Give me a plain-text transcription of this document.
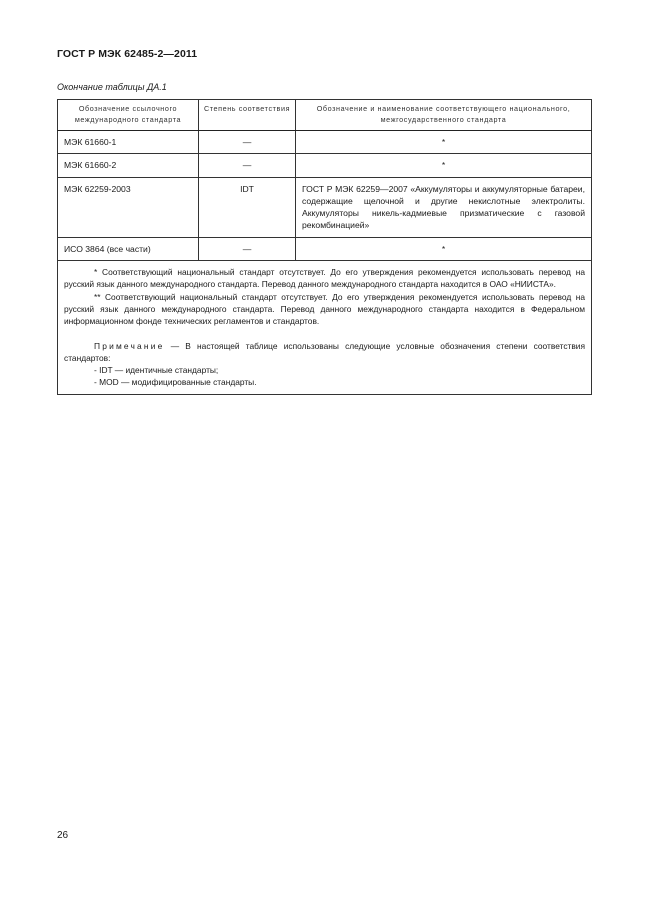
ГОСТ Р МЭК 62485-2—2011
Окончание таблицы ДА.1
Обозначение ссылочного международного стандарта	Степень соответствия	Обозначение и наименование соответствующего национального, межгосударственного стандарта
МЭК 61660-1	—	*
МЭК 61660-2	—	*
МЭК 62259-2003	IDT	ГОСТ Р МЭК 62259—2007 «Аккумуляторы и аккумуляторные батареи, содержащие щелочной и другие некислотные электролиты. Аккумуляторы никель-кадмиевые призматические с газовой рекомбинацией»
ИСО 3864 (все части)	—	*

* Соответствующий национальный стандарт отсутствует. До его утверждения рекомендуется использовать перевод на русский язык данного международного стандарта. Перевод данного международного стандарта находится в ОАО «НИИСТА».
** Соответствующий национальный стандарт отсутствует. До его утверждения рекомендуется использовать перевод на русский язык данного международного стандарта. Перевод данного международного стандарта находится в Федеральном информационном фонде технических регламентов и стандартов.
Примечание — В настоящей таблице использованы следующие условные обозначения степени соответствия стандартов:
- IDT — идентичные стандарты;
- MOD — модифицированные стандарты.		
26
